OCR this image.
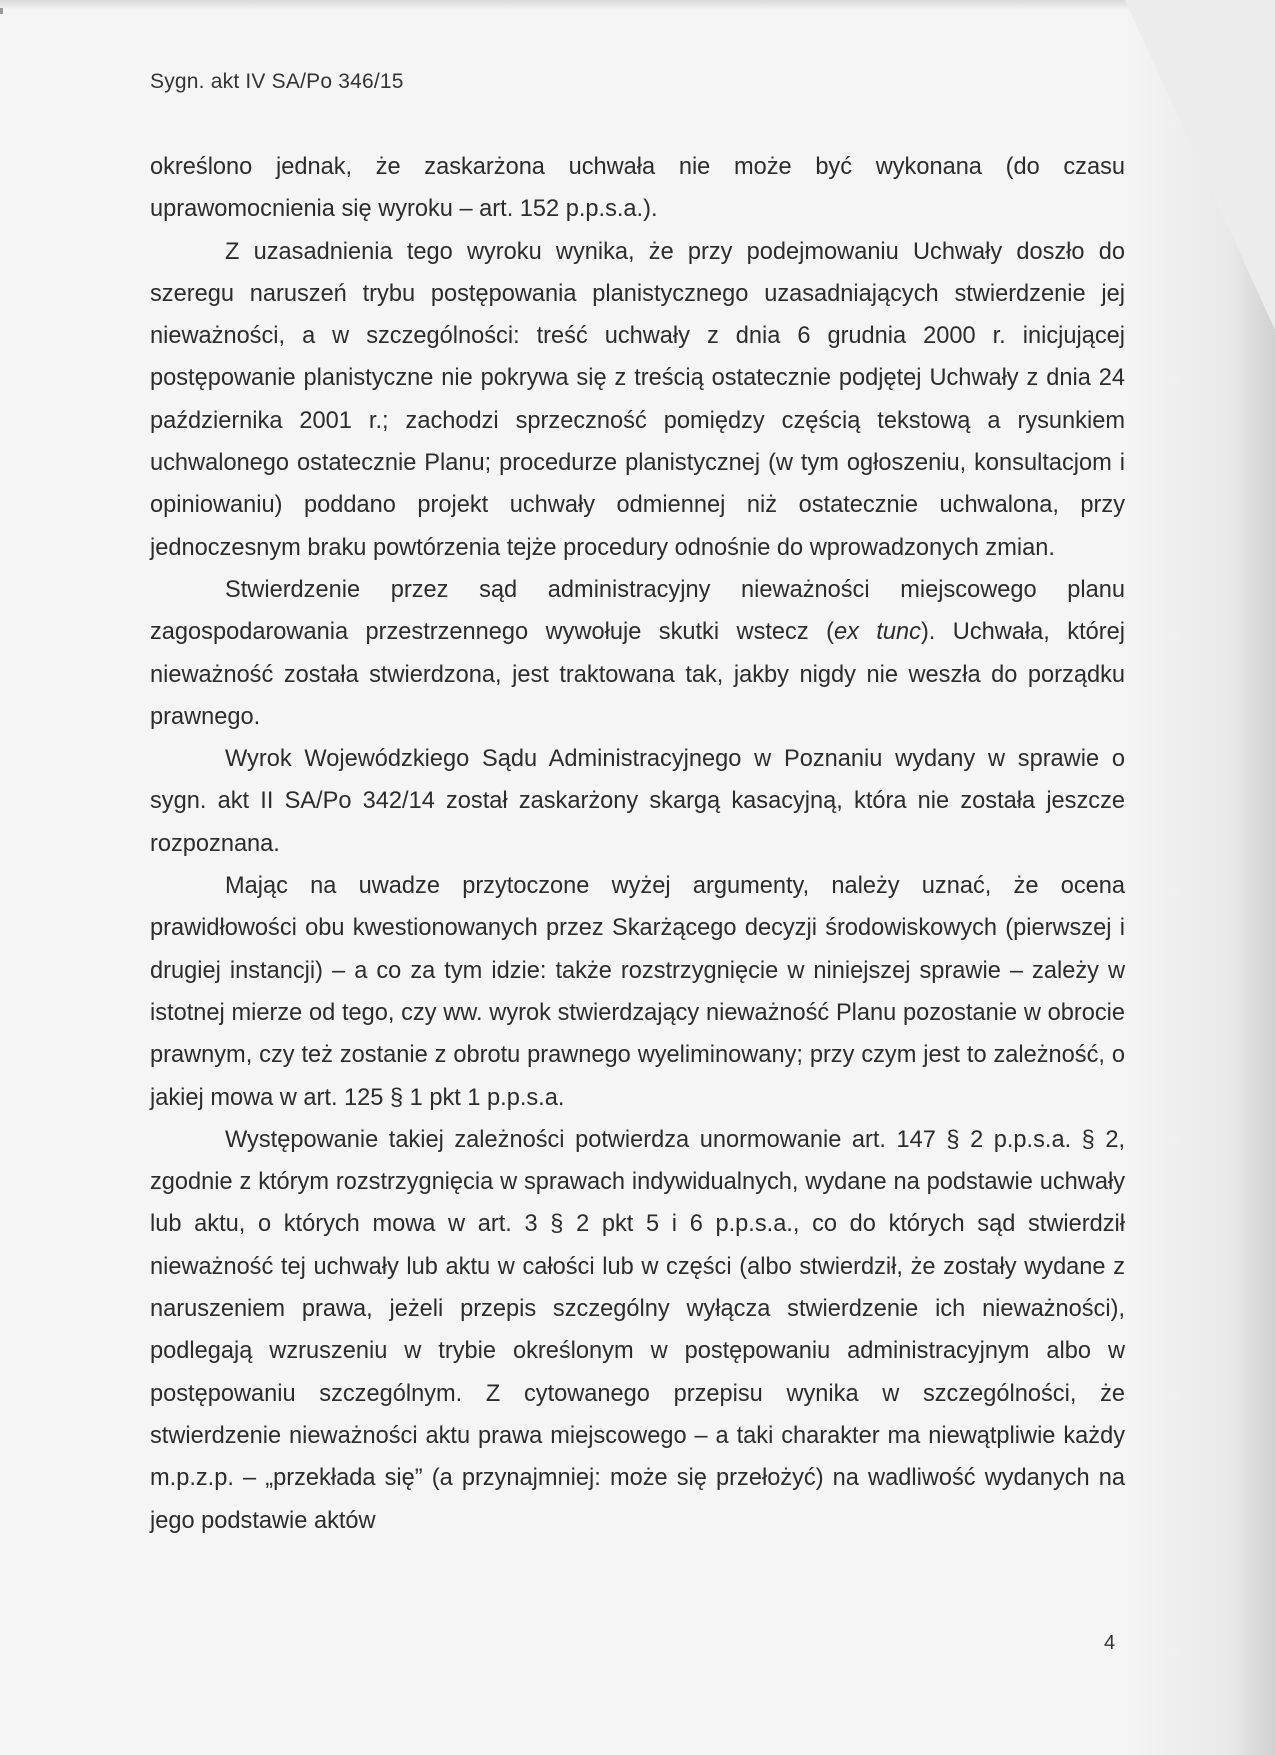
Sygn. akt IV SA/Po 346/15

określono jednak, że zaskarżona uchwała nie może być wykonana (do czasu uprawomocnienia się wyroku – art. 152 p.p.s.a.).

Z uzasadnienia tego wyroku wynika, że przy podejmowaniu Uchwały doszło do szeregu naruszeń trybu postępowania planistycznego uzasadniających stwierdzenie jej nieważności, a w szczególności: treść uchwały z dnia 6 grudnia 2000 r. inicjującej postępowanie planistyczne nie pokrywa się z treścią ostatecznie podjętej Uchwały z dnia 24 października 2001 r.; zachodzi sprzeczność pomiędzy częścią tekstową a rysunkiem uchwalonego ostatecznie Planu; procedurze planistycznej (w tym ogłoszeniu, konsultacjom i opiniowaniu) poddano projekt uchwały odmiennej niż ostatecznie uchwalona, przy jednoczesnym braku powtórzenia tejże procedury odnośnie do wprowadzonych zmian.

Stwierdzenie przez sąd administracyjny nieważności miejscowego planu zagospodarowania przestrzennego wywołuje skutki wstecz (ex tunc). Uchwała, której nieważność została stwierdzona, jest traktowana tak, jakby nigdy nie weszła do porządku prawnego.

Wyrok Wojewódzkiego Sądu Administracyjnego w Poznaniu wydany w sprawie o sygn. akt II SA/Po 342/14 został zaskarżony skargą kasacyjną, która nie została jeszcze rozpoznana.

Mając na uwadze przytoczone wyżej argumenty, należy uznać, że ocena prawidłowości obu kwestionowanych przez Skarżącego decyzji środowiskowych (pierwszej i drugiej instancji) – a co za tym idzie: także rozstrzygnięcie w niniejszej sprawie – zależy w istotnej mierze od tego, czy ww. wyrok stwierdzający nieważność Planu pozostanie w obrocie prawnym, czy też zostanie z obrotu prawnego wyeliminowany; przy czym jest to zależność, o jakiej mowa w art. 125 § 1 pkt 1 p.p.s.a.

Występowanie takiej zależności potwierdza unormowanie art. 147 § 2 p.p.s.a. § 2, zgodnie z którym rozstrzygnięcia w sprawach indywidualnych, wydane na podstawie uchwały lub aktu, o których mowa w art. 3 § 2 pkt 5 i 6 p.p.s.a., co do których sąd stwierdził nieważność tej uchwały lub aktu w całości lub w części (albo stwierdził, że zostały wydane z naruszeniem prawa, jeżeli przepis szczególny wyłącza stwierdzenie ich nieważności), podlegają wzruszeniu w trybie określonym w postępowaniu administracyjnym albo w postępowaniu szczególnym. Z cytowanego przepisu wynika w szczególności, że stwierdzenie nieważności aktu prawa miejscowego – a taki charakter ma niewątpliwie każdy m.p.z.p. – „przekłada się” (a przynajmniej: może się przełożyć) na wadliwość wydanych na jego podstawie aktów

4
